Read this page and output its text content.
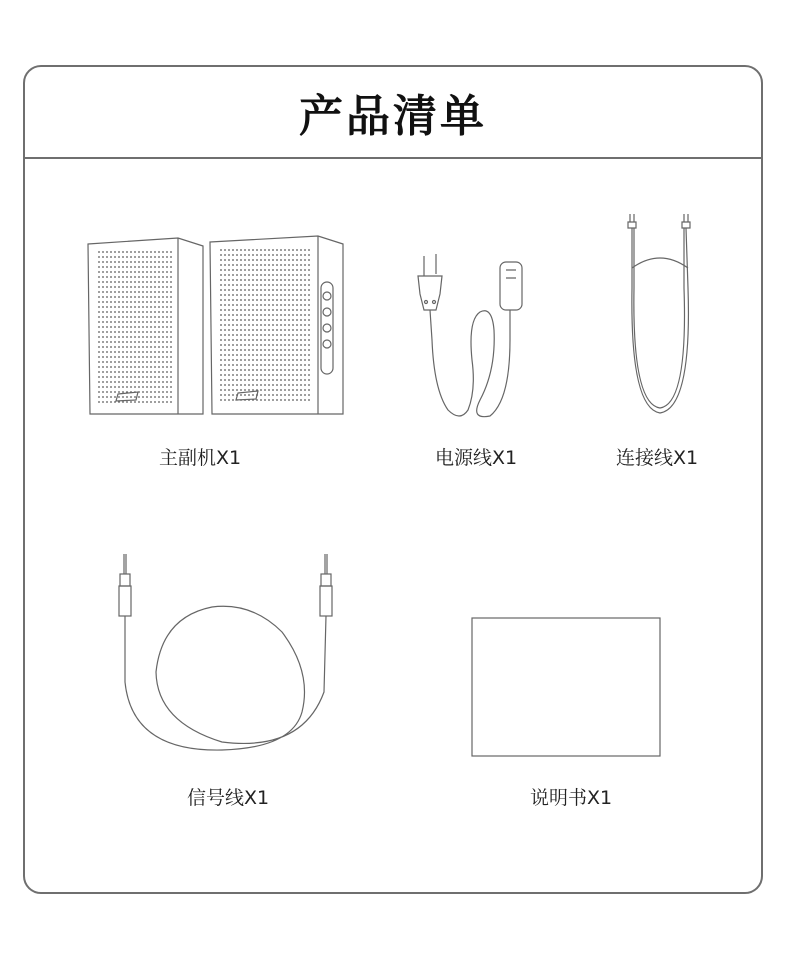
产品清单
主副机X1	电源线X1	连接线X1
信号线X1	说明书X1
